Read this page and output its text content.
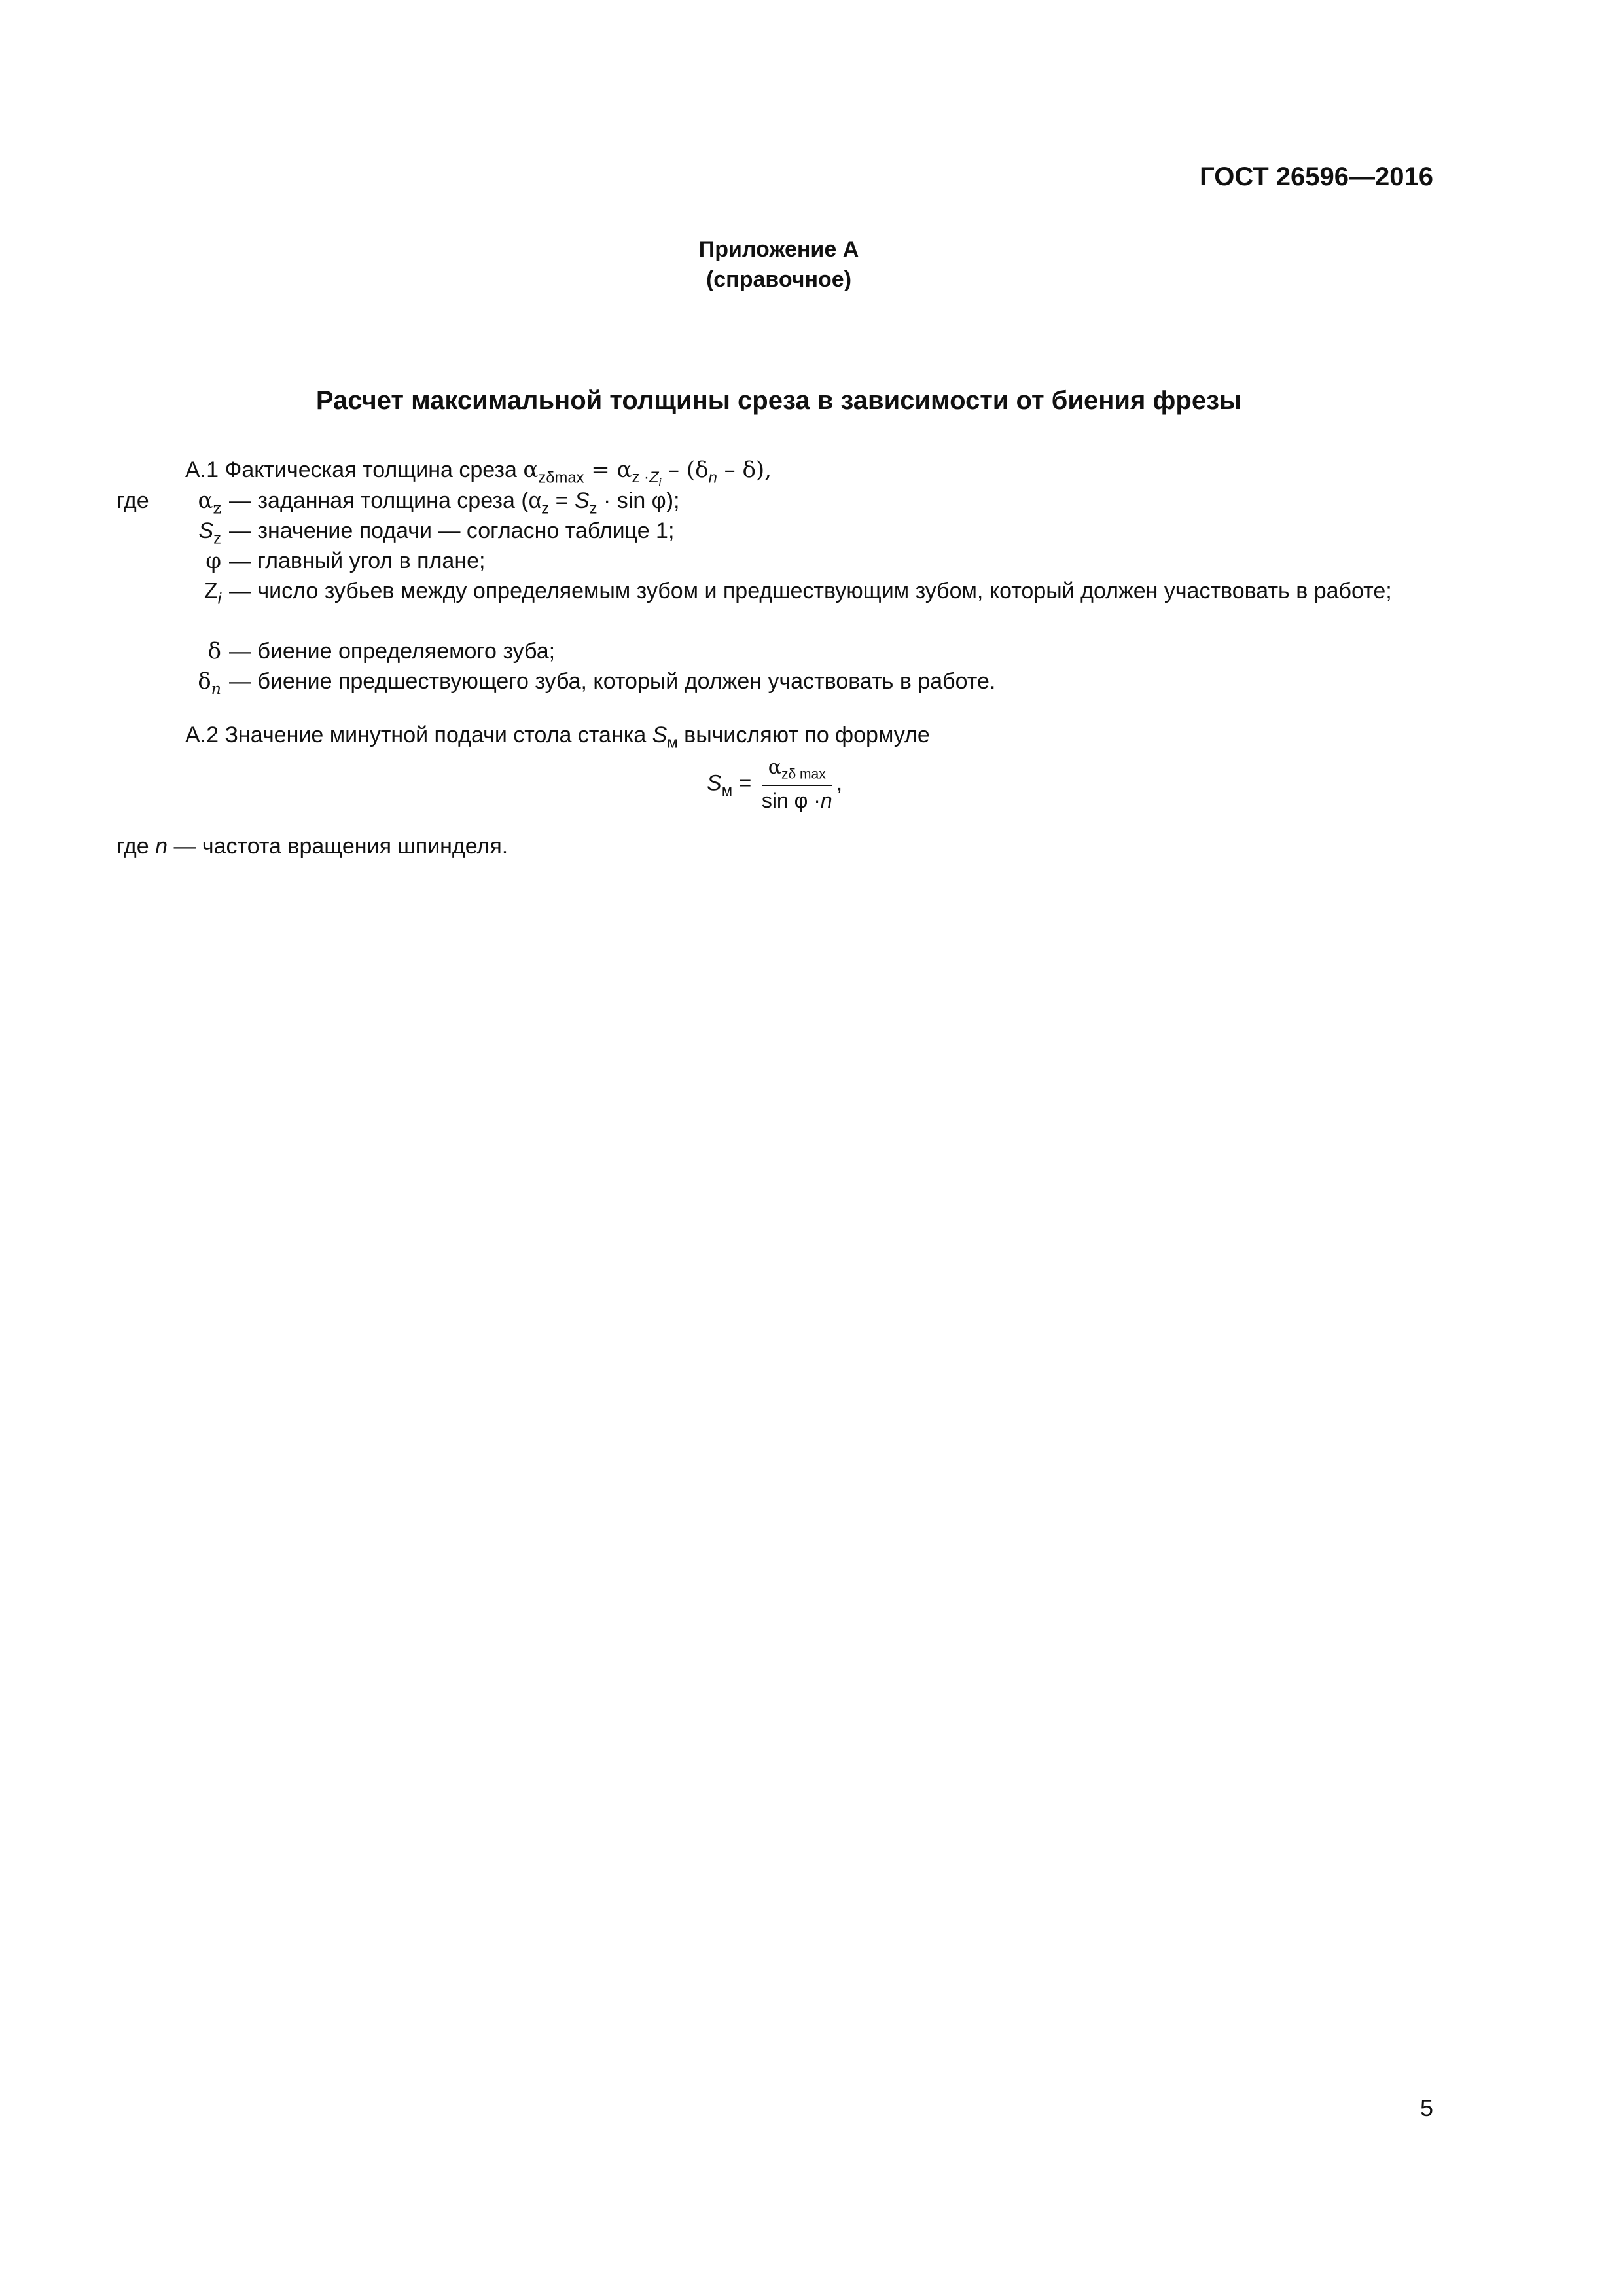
ГОСТ 26596—2016
Приложение А
(справочное)
Расчет максимальной толщины среза в зависимости от биения фрезы
А.1 Фактическая толщина среза $\alpha_{z\delta max} = \alpha_{z \cdot Z_i} - (\delta_n - \delta)$,
где	$\alpha_z$ — заданная толщина среза $(\alpha_z = S_z \cdot \sin \varphi)$;
$S_z$ — значение подачи — согласно таблице 1;
φ — главный угол в плане;
$Z_i$ — число зубьев между определяемым зубом и предшествующим зубом, который должен участвовать в работе;
δ — биение определяемого зуба;
$\delta_n$ — биение предшествующего зуба, который должен участвовать в работе.
А.2 Значение минутной подачи стола станка $S_м$ вычисляют по формуле
$S_м = \frac{\alpha_{z\delta max}}{\text{sin φ ·n}}$ ,
где n — частота вращения шпинделя.
5
